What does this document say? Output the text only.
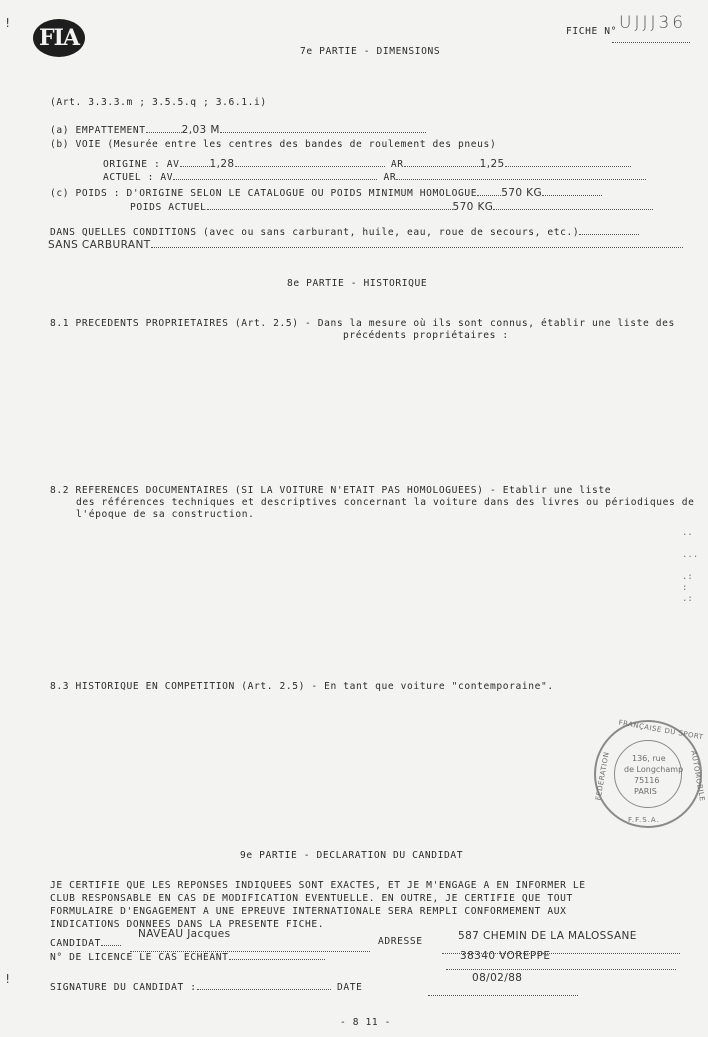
!
FIA	FICHE N° UJJJ36
7e PARTIE - DIMENSIONS
(Art. 3.3.3.m ; 3.5.5.q ; 3.6.1.i)
(a) EMPATTEMENT	2,03 M
(b) VOIE (Mesurée entre les centres des bandes de roulement des pneus)
ORIGINE : AV	1,28	AR	1,25
ACTUEL : AV	AR
(c) POIDS : D'ORIGINE SELON LE CATALOGUE OU POIDS MINIMUM HOMOLOGUE 570 KG
POIDS ACTUEL	570 KG
DANS QUELLES CONDITIONS (avec ou sans carburant, huile, eau, roue de secours, etc.)
SANS CARBURANT
8e PARTIE - HISTORIQUE
8.1 PRECEDENTS PROPRIETAIRES (Art. 2.5) - Dans la mesure où ils sont connus, établir une liste des
précédents propriétaires :
8.2 REFERENCES DOCUMENTAIRES (SI LA VOITURE N'ETAIT PAS HOMOLOGUEES) - Etablir une liste
des références techniques et descriptives concernant la voiture dans des livres ou périodiques de
l'époque de sa construction.
8.3 HISTORIQUE EN COMPETITION (Art. 2.5) - En tant que voiture "contemporaine".
..

...

.:
:
.:
FRANÇAISE DU SPORT
FEDERATION	AUTOMOBILE
F.F.S.A.
136, rue
de Longchamp
75116
PARIS
9e PARTIE - DECLARATION DU CANDIDAT
JE CERTIFIE QUE LES REPONSES INDIQUEES SONT EXACTES, ET JE M'ENGAGE A EN INFORMER LE
CLUB RESPONSABLE EN CAS DE MODIFICATION EVENTUELLE. EN OUTRE, JE CERTIFIE QUE TOUT
FORMULAIRE D'ENGAGEMENT A UNE EPREUVE INTERNATIONALE SERA REMPLI CONFORMEMENT AUX
INDICATIONS DONNEES DANS LA PRESENTE FICHE.
CANDIDAT
NAVEAU Jacques
ADRESSE	587 CHEMIN DE LA MALOSSANE
N° DE LICENCE LE CAS ECHEANT	38340 VOREPPE
SIGNATURE DU CANDIDAT :	DATE
08/02/88
!
- 8 11 -
